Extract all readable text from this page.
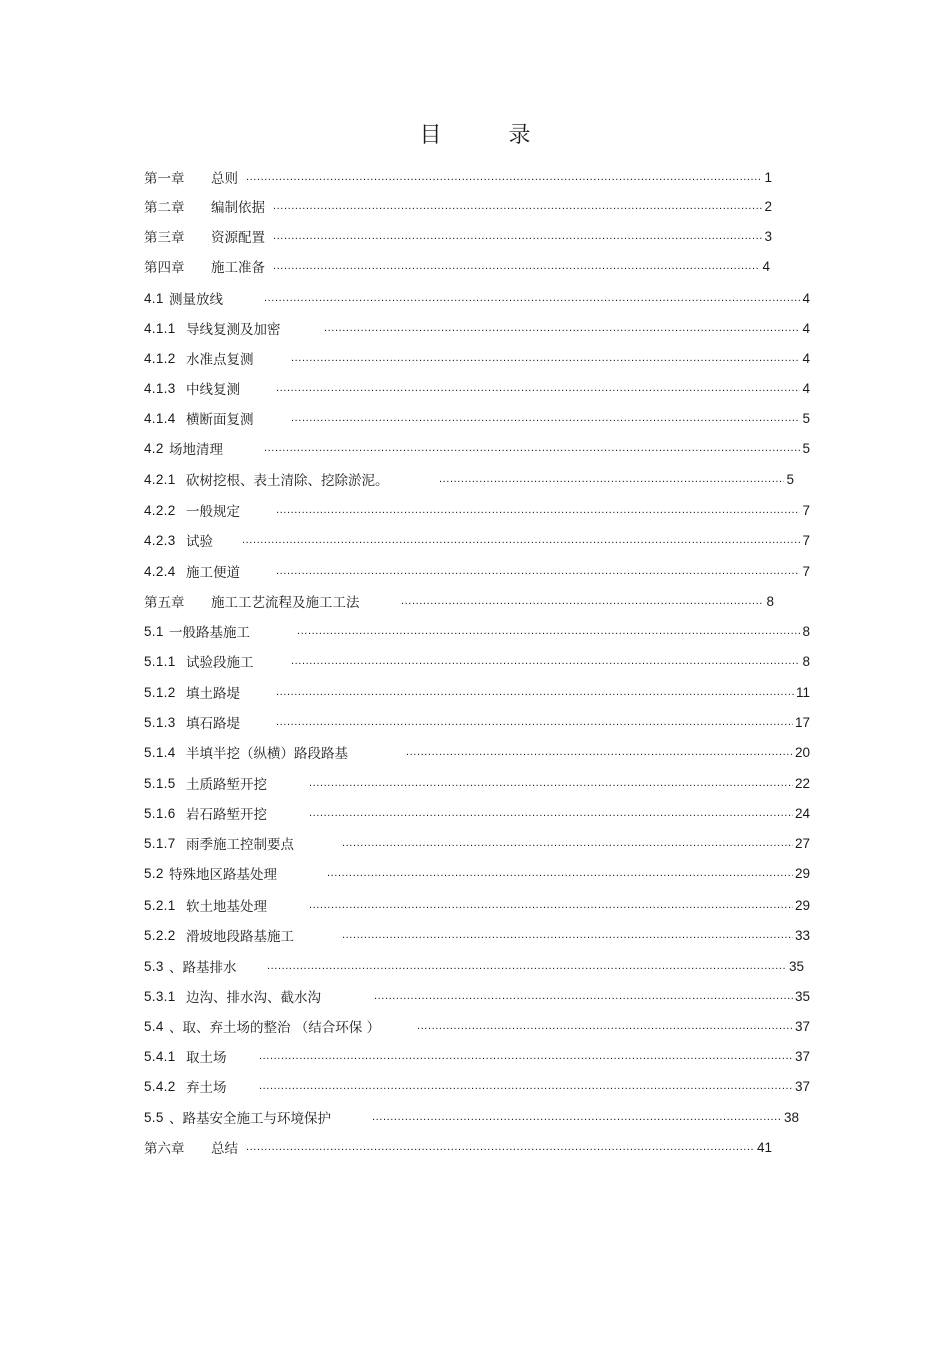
目 录
第一章	总则 .....	1
第二章	编制依据 .....	2
第三章	资源配置 .....	3
第四章	施工准备 .....	4
4.1 测量放线 .....	4
4.1.1 导线复测及加密 .....	4
4.1.2 水准点复测 .....	4
4.1.3 中线复测 .....	4
4.1.4 横断面复测 .....	5
4.2 场地清理 .....	5
4.2.1 砍树挖根、表土清除、挖除淤泥。 .....	5
4.2.2 一般规定 .....	7
4.2.3 试验 .....	7
4.2.4 施工便道 .....	7
第五章	施工工艺流程及施工工法 .....	8
5.1 一般路基施工 .....	8
5.1.1 试验段施工 .....	8
5.1.2 填土路堤 .....	11
5.1.3 填石路堤 .....	17
5.1.4 半填半挖（纵横）路段路基 .....	20
5.1.5 土质路堑开挖 .....	22
5.1.6 岩石路堑开挖 .....	24
5.1.7 雨季施工控制要点 .....	27
5.2 特殊地区路基处理 .....	29
5.2.1 软土地基处理 .....	29
5.2.2 滑坡地段路基施工 .....	33
5.3 、路基排水 .....	35
5.3.1 边沟、排水沟、截水沟 .....	35
5.4 、取、弃土场的整治 （结合环保 ） .....	37
5.4.1 取土场 .....	37
5.4.2 弃土场 .....	37
5.5 、路基安全施工与环境保护 .....	38
第六章	总结 .....	41
